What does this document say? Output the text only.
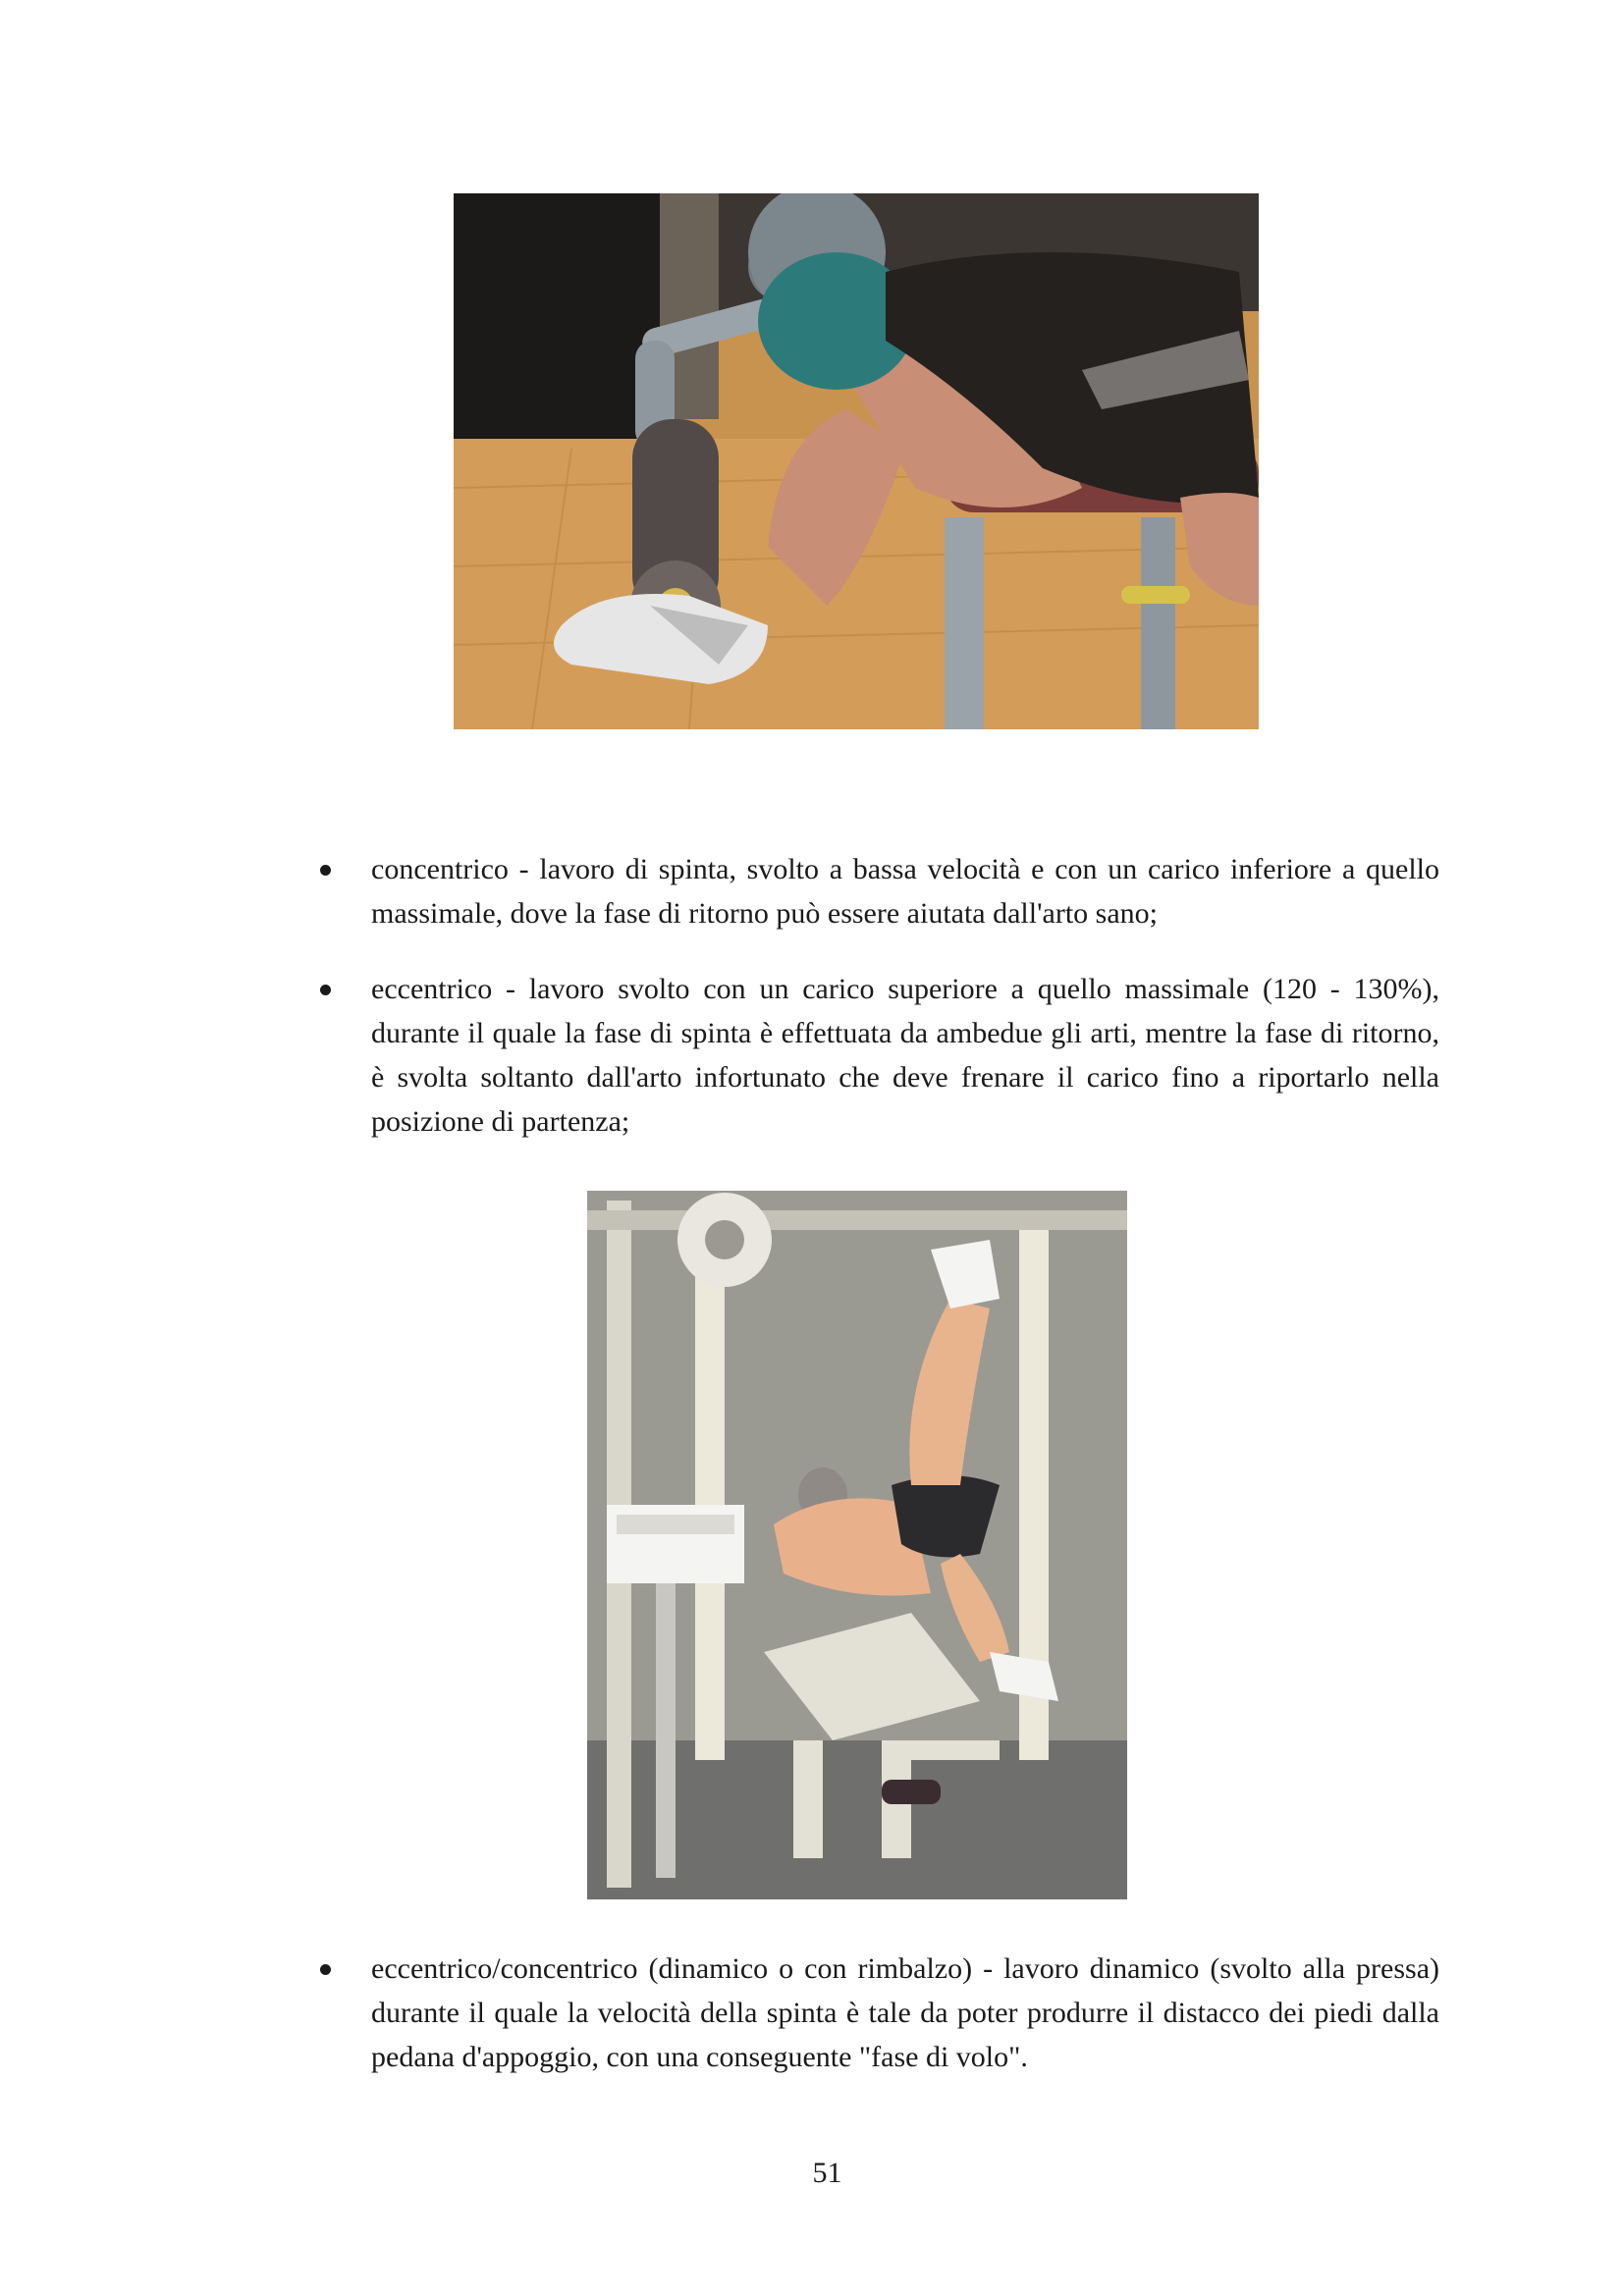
concentrico - lavoro di spinta, svolto a bassa velocità e con un carico inferiore a quello massimale, dove la fase di ritorno può essere aiutata dall'arto sano;
eccentrico - lavoro svolto con un carico superiore a quello massimale (120 - 130%), durante il quale la fase di spinta è effettuata da ambedue gli arti, mentre la fase di ritorno, è svolta soltanto dall'arto infortunato che deve frenare il carico fino a riportarlo nella posizione di partenza;
eccentrico/concentrico (dinamico o con rimbalzo) - lavoro dinamico (svolto alla pressa) durante il quale la velocità della spinta è tale da poter produrre il distacco dei piedi dalla pedana d'appoggio, con una conseguente "fase di volo".
51
